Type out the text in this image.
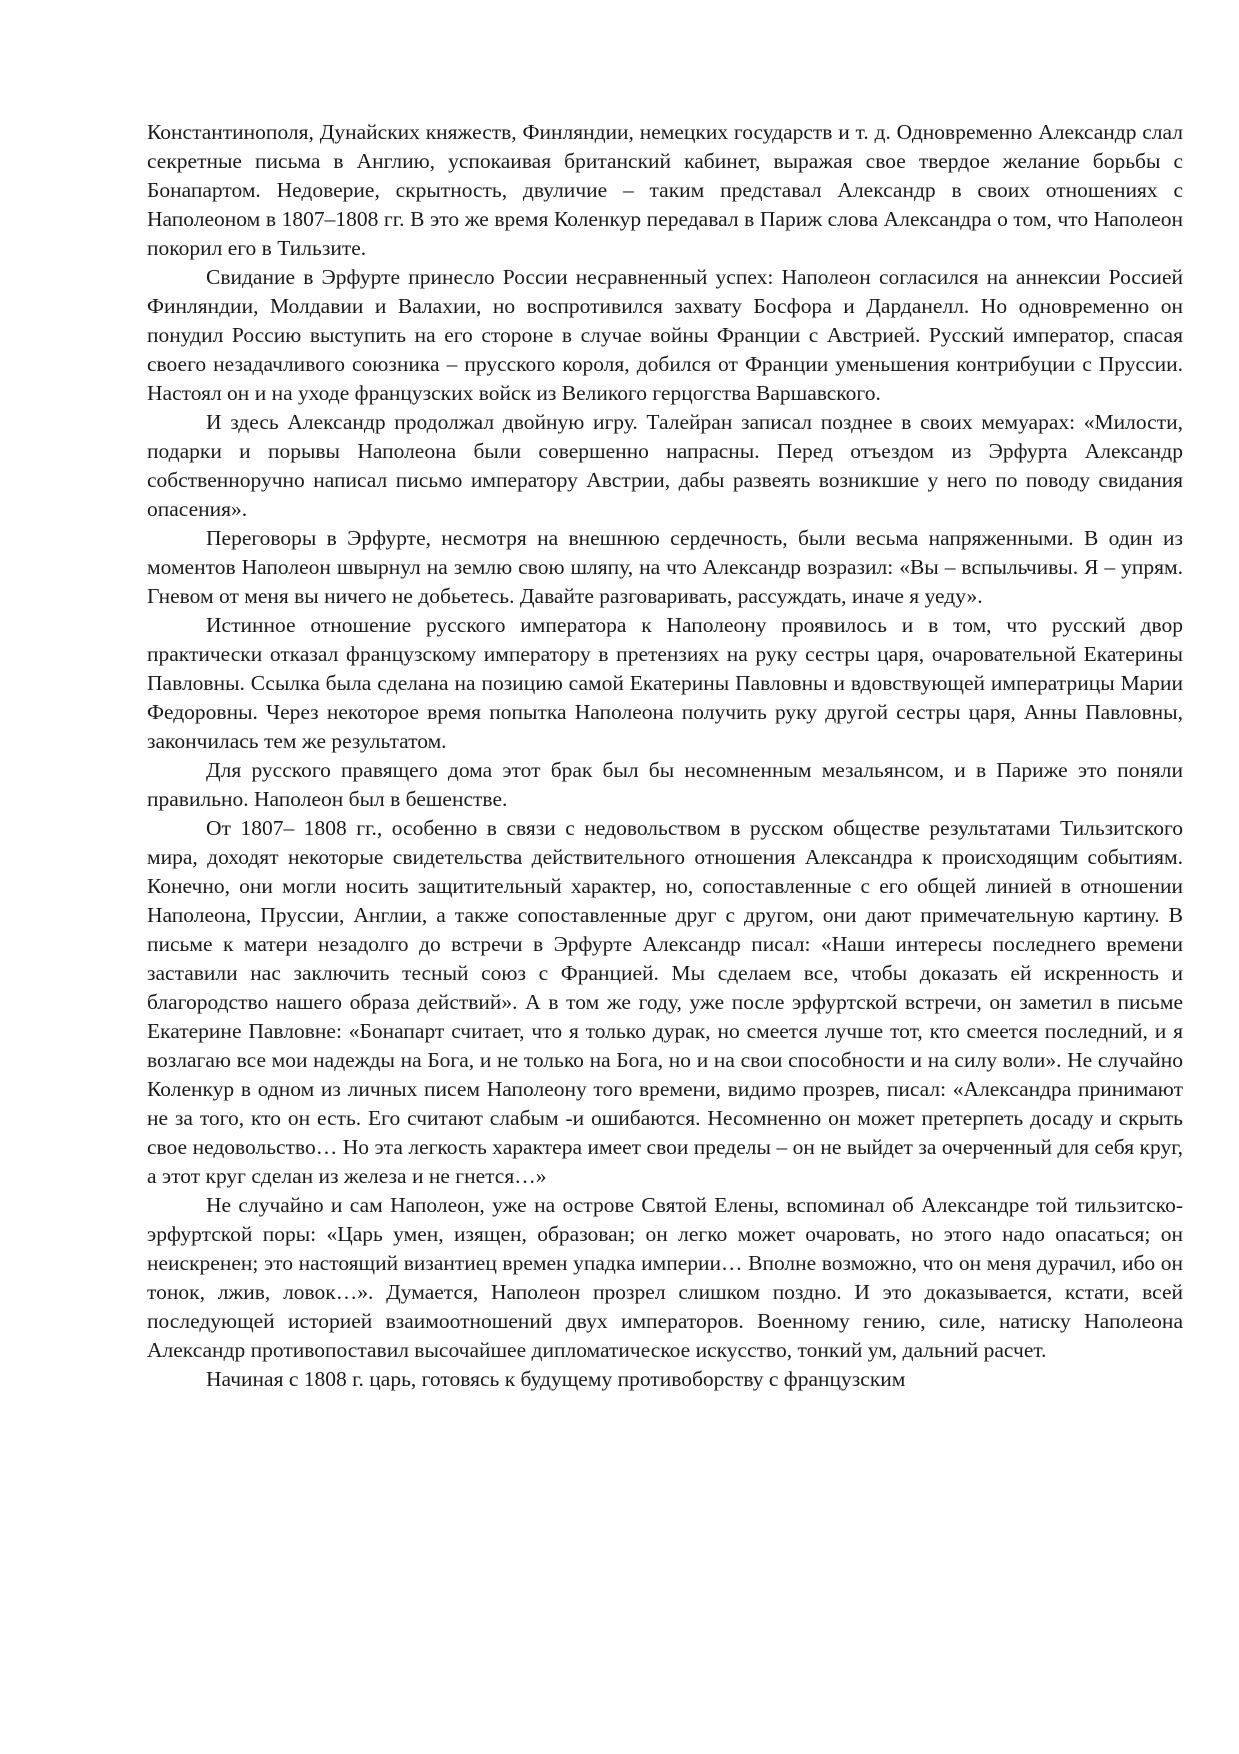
Константинополя, Дунайских княжеств, Финляндии, немецких государств и т. д. Одновременно Александр слал секретные письма в Англию, успокаивая британский кабинет, выражая свое твердое желание борьбы с Бонапартом. Недоверие, скрытность, двуличие – таким представал Александр в своих отношениях с Наполеоном в 1807–1808 гг. В это же время Коленкур передавал в Париж слова Александра о том, что Наполеон покорил его в Тильзите.

Свидание в Эрфурте принесло России несравненный успех: Наполеон согласился на аннексии Россией Финляндии, Молдавии и Валахии, но воспротивился захвату Босфора и Дарданелл. Но одновременно он понудил Россию выступить на его стороне в случае войны Франции с Австрией. Русский император, спасая своего незадачливого союзника – прусского короля, добился от Франции уменьшения контрибуции с Пруссии. Настоял он и на уходе французских войск из Великого герцогства Варшавского.

И здесь Александр продолжал двойную игру. Талейран записал позднее в своих мемуарах: «Милости, подарки и порывы Наполеона были совершенно напрасны. Перед отъездом из Эрфурта Александр собственноручно написал письмо императору Австрии, дабы развеять возникшие у него по поводу свидания опасения».

Переговоры в Эрфурте, несмотря на внешнюю сердечность, были весьма напряженными. В один из моментов Наполеон швырнул на землю свою шляпу, на что Александр возразил: «Вы – вспыльчивы. Я – упрям. Гневом от меня вы ничего не добьетесь. Давайте разговаривать, рассуждать, иначе я уеду».

Истинное отношение русского императора к Наполеону проявилось и в том, что русский двор практически отказал французскому императору в претензиях на руку сестры царя, очаровательной Екатерины Павловны. Ссылка была сделана на позицию самой Екатерины Павловны и вдовствующей императрицы Марии Федоровны. Через некоторое время попытка Наполеона получить руку другой сестры царя, Анны Павловны, закончилась тем же результатом.

Для русского правящего дома этот брак был бы несомненным мезальянсом, и в Париже это поняли правильно. Наполеон был в бешенстве.

От 1807– 1808 гг., особенно в связи с недовольством в русском обществе результатами Тильзитского мира, доходят некоторые свидетельства действительного отношения Александра к происходящим событиям. Конечно, они могли носить защитительный характер, но, сопоставленные с его общей линией в отношении Наполеона, Пруссии, Англии, а также сопоставленные друг с другом, они дают примечательную картину. В письме к матери незадолго до встречи в Эрфурте Александр писал: «Наши интересы последнего времени заставили нас заключить тесный союз с Францией. Мы сделаем все, чтобы доказать ей искренность и благородство нашего образа действий». А в том же году, уже после эрфуртской встречи, он заметил в письме Екатерине Павловне: «Бонапарт считает, что я только дурак, но смеется лучше тот, кто смеется последний, и я возлагаю все мои надежды на Бога, и не только на Бога, но и на свои способности и на силу воли». Не случайно Коленкур в одном из личных писем Наполеону того времени, видимо прозрев, писал: «Александра принимают не за того, кто он есть. Его считают слабым -и ошибаются. Несомненно он может претерпеть досаду и скрыть свое недовольство… Но эта легкость характера имеет свои пределы – он не выйдет за очерченный для себя круг, а этот круг сделан из железа и не гнется…»

Не случайно и сам Наполеон, уже на острове Святой Елены, вспоминал об Александре той тильзитско-эрфуртской поры: «Царь умен, изящен, образован; он легко может очаровать, но этого надо опасаться; он неискренен; это настоящий византиец времен упадка империи… Вполне возможно, что он меня дурачил, ибо он тонок, лжив, ловок…». Думается, Наполеон прозрел слишком поздно. И это доказывается, кстати, всей последующей историей взаимоотношений двух императоров. Военному гению, силе, натиску Наполеона Александр противопоставил высочайшее дипломатическое искусство, тонкий ум, дальний расчет.

Начиная с 1808 г. царь, готовясь к будущему противоборству с французским
